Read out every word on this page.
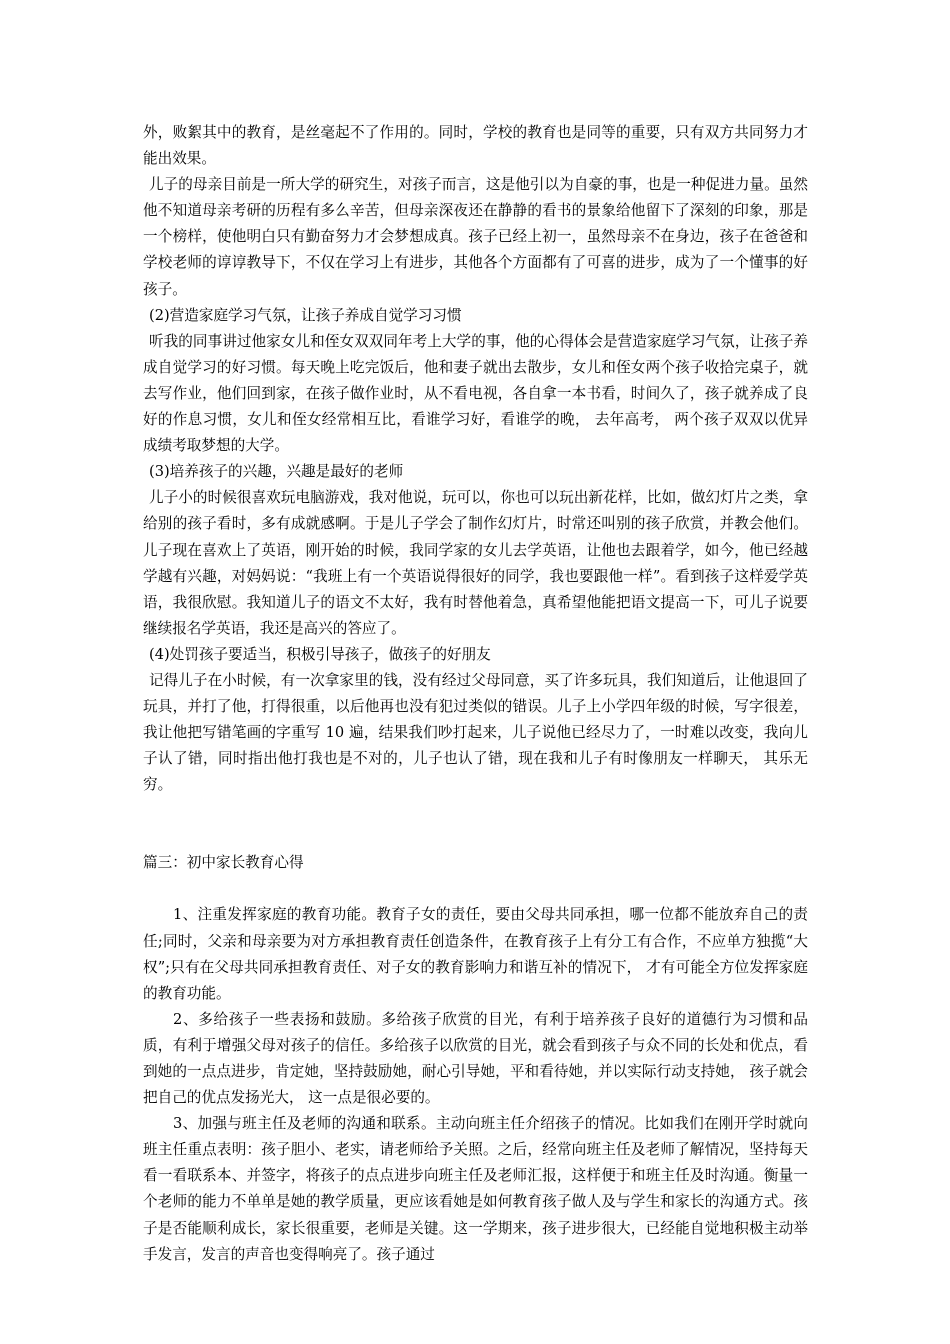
外，败絮其中的教育，是丝毫起不了作用的。同时，学校的教育也是同等的重要，只有双方共同努力才能出效果。

儿子的母亲目前是一所大学的研究生，对孩子而言，这是他引以为自豪的事，也是一种促进力量。虽然他不知道母亲考研的历程有多么辛苦，但母亲深夜还在静静的看书的景象给他留下了深刻的印象，那是一个榜样，使他明白只有勤奋努力才会梦想成真。孩子已经上初一，虽然母亲不在身边，孩子在爸爸和学校老师的谆谆教导下，不仅在学习上有进步，其他各个方面都有了可喜的进步，成为了一个懂事的好孩子。

(2)营造家庭学习气氛，让孩子养成自觉学习习惯

听我的同事讲过他家女儿和侄女双双同年考上大学的事，他的心得体会是营造家庭学习气氛，让孩子养成自觉学习的好习惯。每天晚上吃完饭后，他和妻子就出去散步，女儿和侄女两个孩子收拾完桌子，就去写作业，他们回到家，在孩子做作业时，从不看电视，各自拿一本书看，时间久了，孩子就养成了良好的作息习惯，女儿和侄女经常相互比，看谁学习好，看谁学的晚， 去年高考， 两个孩子双双以优异成绩考取梦想的大学。

(3)培养孩子的兴趣，兴趣是最好的老师

儿子小的时候很喜欢玩电脑游戏，我对他说，玩可以，你也可以玩出新花样，比如，做幻灯片之类，拿给别的孩子看时，多有成就感啊。于是儿子学会了制作幻灯片，时常还叫别的孩子欣赏，并教会他们。儿子现在喜欢上了英语，刚开始的时候，我同学家的女儿去学英语，让他也去跟着学，如今，他已经越学越有兴趣，对妈妈说：“我班上有一个英语说得很好的同学，我也要跟他一样”。看到孩子这样爱学英语，我很欣慰。我知道儿子的语文不太好，我有时替他着急，真希望他能把语文提高一下，可儿子说要继续报名学英语，我还是高兴的答应了。

(4)处罚孩子要适当，积极引导孩子，做孩子的好朋友

记得儿子在小时候，有一次拿家里的钱，没有经过父母同意，买了许多玩具，我们知道后，让他退回了玩具，并打了他，打得很重，以后他再也没有犯过类似的错误。儿子上小学四年级的时候，写字很差，我让他把写错笔画的字重写 10 遍，结果我们吵打起来，儿子说他已经尽力了，一时难以改变，我向儿子认了错，同时指出他打我也是不对的，儿子也认了错，现在我和儿子有时像朋友一样聊天， 其乐无穷。

篇三：初中家长教育心得

1、注重发挥家庭的教育功能。教育子女的责任，要由父母共同承担，哪一位都不能放弃自己的责任;同时，父亲和母亲要为对方承担教育责任创造条件，在教育孩子上有分工有合作，不应单方独揽“大权”;只有在父母共同承担教育责任、对子女的教育影响力和谐互补的情况下， 才有可能全方位发挥家庭的教育功能。

2、多给孩子一些表扬和鼓励。多给孩子欣赏的目光，有利于培养孩子良好的道德行为习惯和品质，有利于增强父母对孩子的信任。多给孩子以欣赏的目光，就会看到孩子与众不同的长处和优点，看到她的一点点进步，肯定她，坚持鼓励她，耐心引导她，平和看待她，并以实际行动支持她， 孩子就会把自己的优点发扬光大， 这一点是很必要的。

3、加强与班主任及老师的沟通和联系。主动向班主任介绍孩子的情况。比如我们在刚开学时就向班主任重点表明：孩子胆小、老实，请老师给予关照。之后，经常向班主任及老师了解情况，坚持每天看一看联系本、并签字，将孩子的点点进步向班主任及老师汇报，这样便于和班主任及时沟通。衡量一个老师的能力不单单是她的教学质量，更应该看她是如何教育孩子做人及与学生和家长的沟通方式。孩子是否能顺利成长，家长很重要，老师是关键。这一学期来，孩子进步很大，已经能自觉地积极主动举手发言，发言的声音也变得响亮了。孩子通过
